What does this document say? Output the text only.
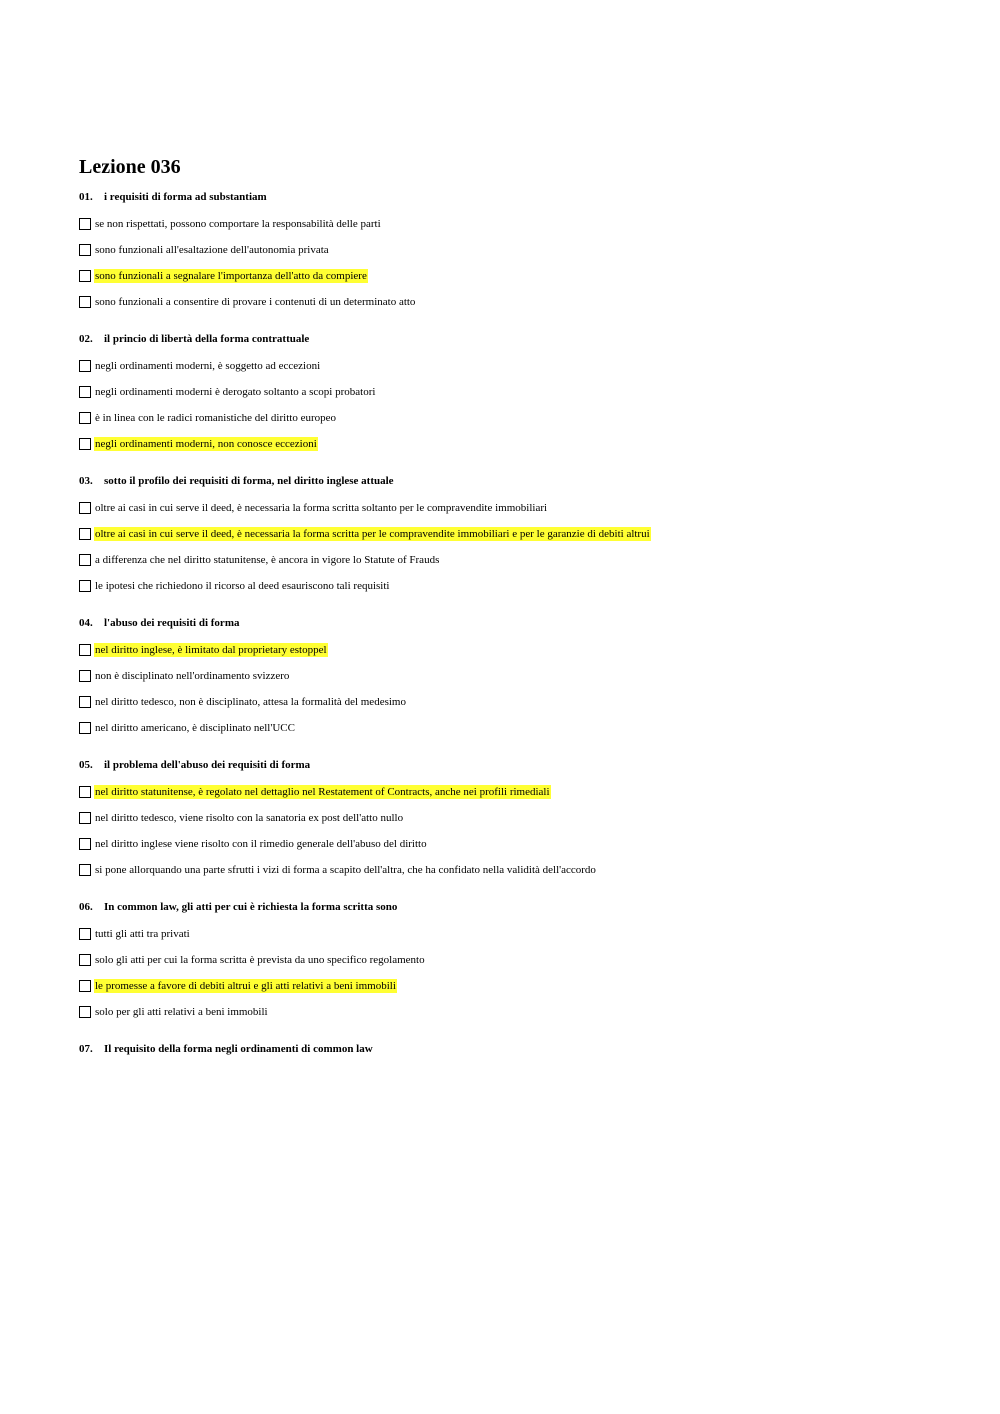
Lezione 036
01. i requisiti di forma ad substantiam
se non rispettati, possono comportare la responsabilità delle parti
sono funzionali all'esaltazione dell'autonomia privata
sono funzionali a segnalare l'importanza dell'atto da compiere
sono funzionali a consentire di provare i contenuti di un determinato atto
02. il princio di libertà della forma contrattuale
negli ordinamenti moderni, è soggetto ad eccezioni
negli ordinamenti moderni è derogato soltanto a scopi probatori
è in linea con le radici romanistiche del diritto europeo
negli ordinamenti moderni, non conosce eccezioni
03. sotto il profilo dei requisiti di forma, nel diritto inglese attuale
oltre ai casi in cui serve il deed, è necessaria la forma scritta soltanto per le compravendite immobiliari
oltre ai casi in cui serve il deed, è necessaria la forma scritta per le compravendite immobiliari e per le garanzie di debiti altrui
a differenza che nel diritto statunitense, è ancora in vigore lo Statute of Frauds
le ipotesi che richiedono il ricorso al deed esauriscono tali requisiti
04. l'abuso dei requisiti di forma
nel diritto inglese, è limitato dal proprietary estoppel
non è disciplinato nell'ordinamento svizzero
nel diritto tedesco, non è disciplinato, attesa la formalità del medesimo
nel diritto americano, è disciplinato nell'UCC
05. il problema dell'abuso dei requisiti di forma
nel diritto statunitense, è regolato nel dettaglio nel Restatement of Contracts, anche nei profili rimediali
nel diritto tedesco, viene risolto con la sanatoria ex post dell'atto nullo
nel diritto inglese viene risolto con il rimedio generale dell'abuso del diritto
si pone allorquando una parte sfrutti i vizi di forma a scapito dell'altra, che ha confidato nella validità dell'accordo
06. In common law, gli atti per cui è richiesta la forma scritta sono
tutti gli atti tra privati
solo gli atti per cui la forma scritta è prevista da uno specifico regolamento
le promesse a favore di debiti altrui e gli atti relativi a beni immobili
solo per gli atti relativi a beni immobili
07. Il requisito della forma negli ordinamenti di common law
